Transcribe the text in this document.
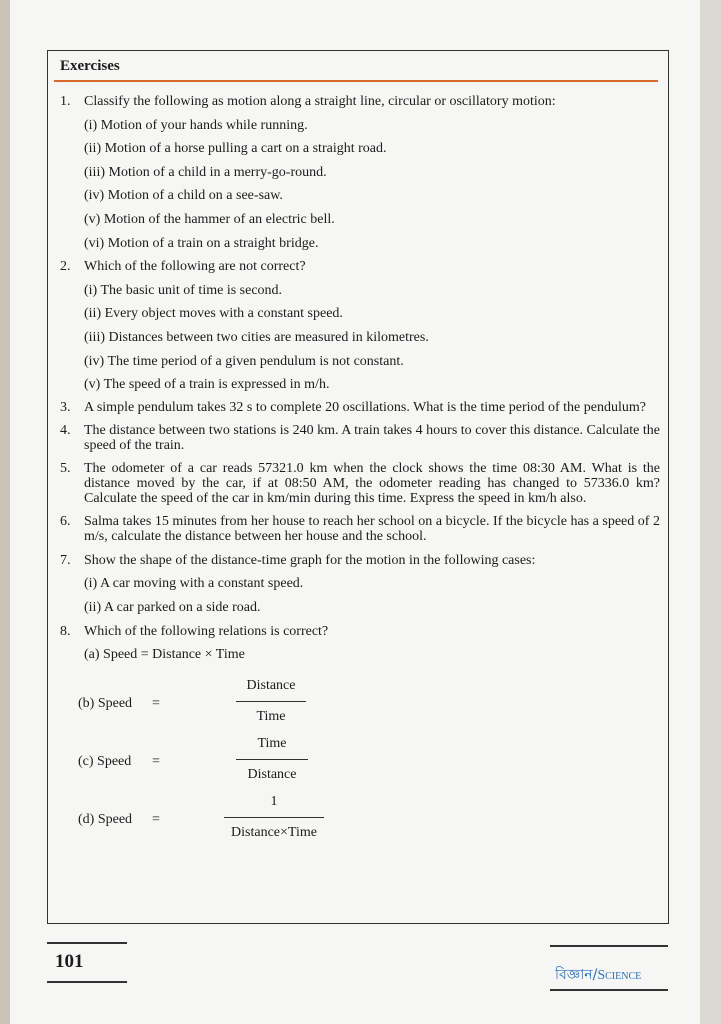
Exercises
1. Classify the following as motion along a straight line, circular or oscillatory motion:
(i) Motion of your hands while running.
(ii) Motion of a horse pulling a cart on a straight road.
(iii) Motion of a child in a merry-go-round.
(iv) Motion of a child on a see-saw.
(v) Motion of the hammer of an electric bell.
(vi) Motion of a train on a straight bridge.
2. Which of the following are not correct?
(i) The basic unit of time is second.
(ii) Every object moves with a constant speed.
(iii) Distances between two cities are measured in kilometres.
(iv) The time period of a given pendulum is not constant.
(v) The speed of a train is expressed in m/h.
3. A simple pendulum takes 32 s to complete 20 oscillations. What is the time period of the pendulum?
4. The distance between two stations is 240 km. A train takes 4 hours to cover this distance. Calculate the speed of the train.
5. The odometer of a car reads 57321.0 km when the clock shows the time 08:30 AM. What is the distance moved by the car, if at 08:50 AM, the odometer reading has changed to 57336.0 km? Calculate the speed of the car in km/min during this time. Express the speed in km/h also.
6. Salma takes 15 minutes from her house to reach her school on a bicycle. If the bicycle has a speed of 2 m/s, calculate the distance between her house and the school.
7. Show the shape of the distance-time graph for the motion in the following cases:
(i) A car moving with a constant speed.
(ii) A car parked on a side road.
8. Which of the following relations is correct?
(a) Speed = Distance × Time
(b) Speed =
Distance
Time
(c) Speed =
Time
Distance
(d) Speed =
1
Distance×Time
101
বিজ্ঞান/Science
